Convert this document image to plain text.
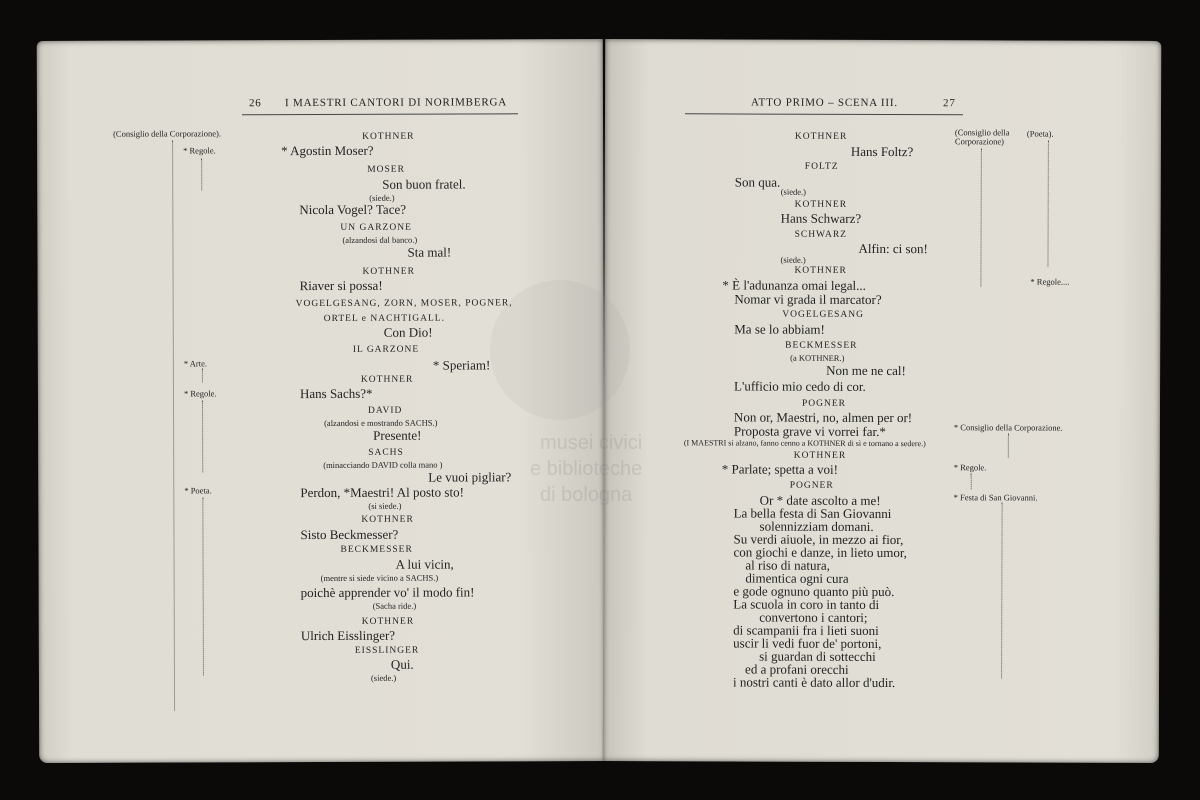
26 I MAESTRI CANTORI DI NORIMBERGA
(Consiglio della Corporazione).
* Regole.
* Arte.
* Regole.
* Poeta.
KOTHNER
* Agostin Moser?
MOSER
Son buon fratel.
(siede.)
Nicola Vogel? Tace?
UN GARZONE
(alzandosi dal banco.)
Sta mal!
KOTHNER
Riaver si possa!
VOGELGESANG, ZORN, MOSER, POGNER,
ORTEL e NACHTIGALL.
Con Dio!
IL GARZONE
* Speriam!
KOTHNER
Hans Sachs?*
DAVID
(alzandosi e mostrando SACHS.)
Presente!
SACHS
(minacciando DAVID colla mano )
Le vuoi pigliar?
Perdon, *Maestri! Al posto sto!
(si siede.)
KOTHNER
Sisto Beckmesser?
BECKMESSER
A lui vicin,
(mentre si siede vicino a SACHS.)
poichè apprender vo' il modo fin!
(Sacha ride.)
KOTHNER
Ulrich Eisslinger?
EISSLINGER
Qui.
(siede.)
ATTO PRIMO – SCENA III.	27
(Consiglio della Corporazione)
(Poeta).
* Regole....
* Consiglio della Corporazione.
* Regole.
* Festa di San Giovanni.
KOTHNER
Hans Foltz?
FOLTZ
Son qua.
(siede.)
KOTHNER
Hans Schwarz?
SCHWARZ
Alfin: ci son!
(siede.)
KOTHNER
* È l'adunanza omai legal...
Nomar vi grada il marcator?
VOGELGESANG
Ma se lo abbiam!
BECKMESSER
(a KOTHNER.)
Non me ne cal!
L'ufficio mio cedo di cor.
POGNER
Non or, Maestri, no, almen per or!
Proposta grave vi vorrei far.*
(I MAESTRI si alzano, fanno cenno a KOTHNER di sì e tornano a sedere.)
KOTHNER
* Parlate; spetta a voi!
POGNER
Or * date ascolto a me!
La bella festa di San Giovanni
solennizziam domani.
Su verdi aiuole, in mezzo ai fior,
con giochi e danze, in lieto umor,
al riso di natura,
dimentica ogni cura
e gode ognuno quanto più può.
La scuola in coro in tanto di
convertono i cantori;
di scampanii fra i lieti suoni
uscir li vedi fuor de' portoni,
si guardan di sottecchi
ed a profani orecchi
i nostri canti è dato allor d'udir.
musei civici
e biblioteche
di bologna
